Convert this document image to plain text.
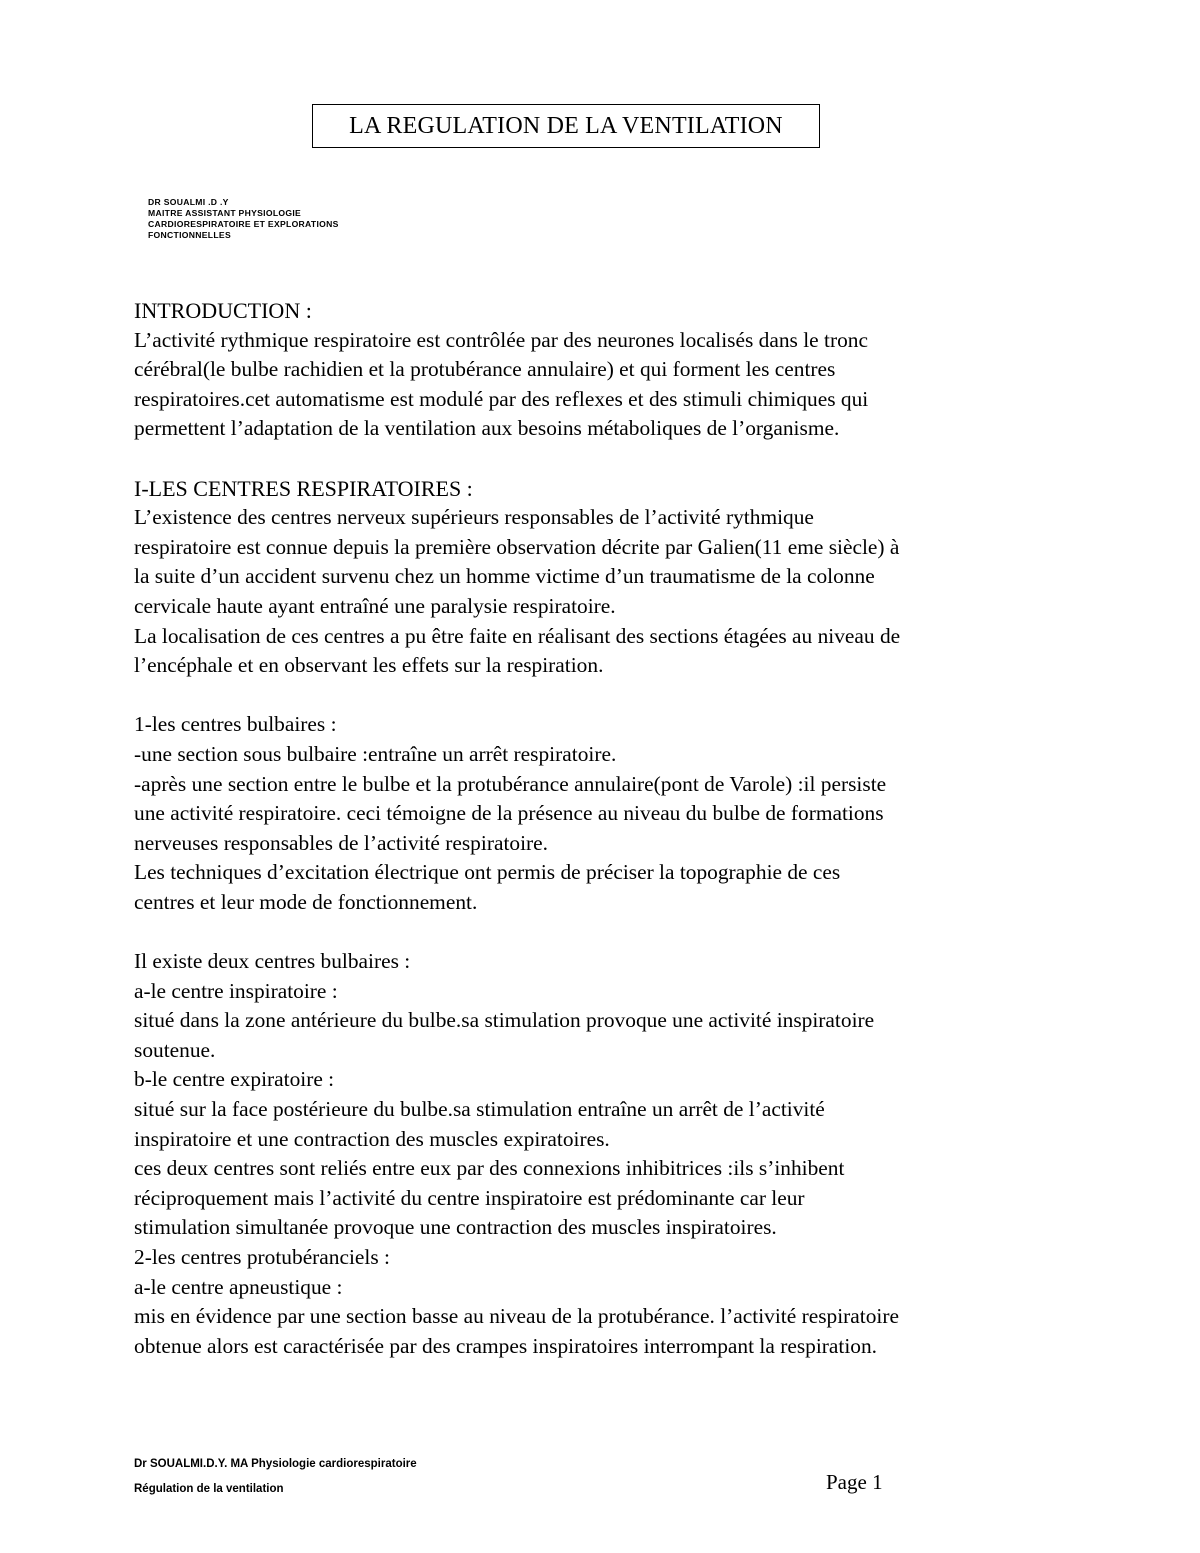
LA REGULATION DE LA VENTILATION
DR SOUALMI .D .Y
MAITRE ASSISTANT PHYSIOLOGIE
CARDIORESPIRATOIRE ET EXPLORATIONS
FONCTIONNELLES

INTRODUCTION :

L’activité rythmique respiratoire est contrôlée par des neurones localisés dans le tronc

cérébral(le bulbe rachidien et la protubérance annulaire) et qui forment les centres

respiratoires.cet automatisme est modulé par des reflexes et des stimuli chimiques qui

permettent l’adaptation de la ventilation aux besoins métaboliques de l’organisme.

I-LES CENTRES RESPIRATOIRES :

L’existence des centres nerveux supérieurs responsables de l’activité rythmique

respiratoire est connue depuis la première observation décrite par Galien(11 eme siècle) à

la suite d’un accident survenu chez un homme victime d’un traumatisme de la colonne

cervicale haute ayant entraîné une paralysie respiratoire.

La localisation de ces centres a pu être faite en réalisant des sections étagées au niveau de

l’encéphale et en observant les effets sur la respiration.

1-les centres bulbaires :

-une section sous bulbaire :entraîne un arrêt respiratoire.

-après une section entre le bulbe et la protubérance annulaire(pont de Varole) :il persiste

une activité respiratoire. ceci témoigne de la présence au niveau du bulbe de formations

nerveuses responsables de l’activité respiratoire.

Les techniques d’excitation électrique ont permis de préciser la topographie de ces

centres et leur mode de fonctionnement.

Il existe deux centres bulbaires :

a-le centre inspiratoire :

situé dans la zone antérieure du bulbe.sa stimulation provoque une activité inspiratoire

soutenue.

b-le centre expiratoire :

situé sur la face postérieure du bulbe.sa stimulation entraîne un arrêt de l’activité

inspiratoire et une contraction des muscles expiratoires.

ces deux centres sont reliés entre eux par des connexions inhibitrices :ils s’inhibent

réciproquement mais l’activité du centre inspiratoire est prédominante car leur

stimulation simultanée provoque une contraction des muscles inspiratoires.

2-les centres protubéranciels :

a-le centre apneustique :

mis en évidence par une section basse au niveau de la protubérance. l’activité respiratoire

obtenue alors est caractérisée par des crampes inspiratoires interrompant la respiration.

Dr SOUALMI.D.Y. MA Physiologie cardiorespiratoire
Régulation de la ventilation	Page 1
